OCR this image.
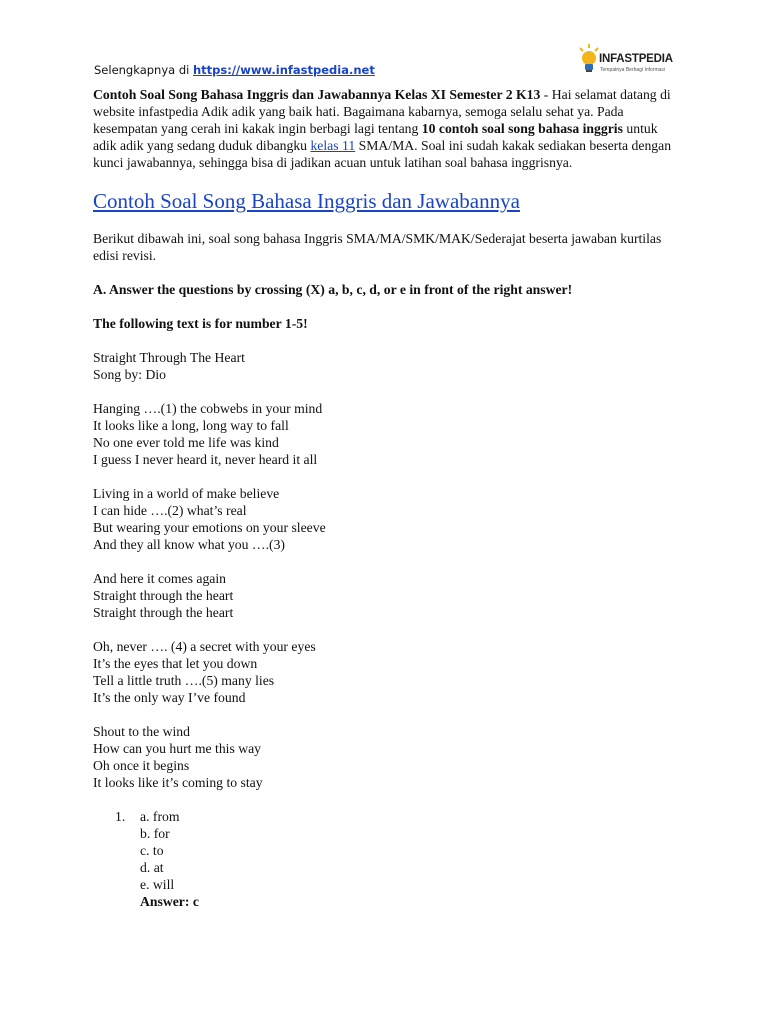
Selengkapnya di https://www.infastpedia.net
INFASTPEDIA
Tempatnya Berbagi Informasi

Contoh Soal Song Bahasa Inggris dan Jawabannya Kelas XI Semester 2 K13 - Hai selamat datang di website infastpedia Adik adik yang baik hati. Bagaimana kabarnya, semoga selalu sehat ya. Pada kesempatan yang cerah ini kakak ingin berbagi lagi tentang 10 contoh soal song bahasa inggris untuk adik adik yang sedang duduk dibangku kelas 11 SMA/MA. Soal ini sudah kakak sediakan beserta dengan kunci jawabannya, sehingga bisa di jadikan acuan untuk latihan soal bahasa inggrisnya.

Contoh Soal Song Bahasa Inggris dan Jawabannya

Berikut dibawah ini, soal song bahasa Inggris SMA/MA/SMK/MAK/Sederajat beserta jawaban kurtilas edisi revisi.

A. Answer the questions by crossing (X) a, b, c, d, or e in front of the right answer!

The following text is for number 1-5!

Straight Through The Heart

Song by: Dio

Hanging ….(1) the cobwebs in your mind

It looks like a long, long way to fall

No one ever told me life was kind

I guess I never heard it, never heard it all

Living in a world of make believe

I can hide ….(2) what’s real

But wearing your emotions on your sleeve

And they all know what you ….(3)

And here it comes again

Straight through the heart

Straight through the heart

Oh, never …. (4) a secret with your eyes

It’s the eyes that let you down

Tell a little truth ….(5) many lies

It’s the only way I’ve found

Shout to the wind

How can you hurt me this way

Oh once it begins

It looks like it’s coming to stay

1.	a. from

b. for

c. to

d. at

e. will

Answer: c
